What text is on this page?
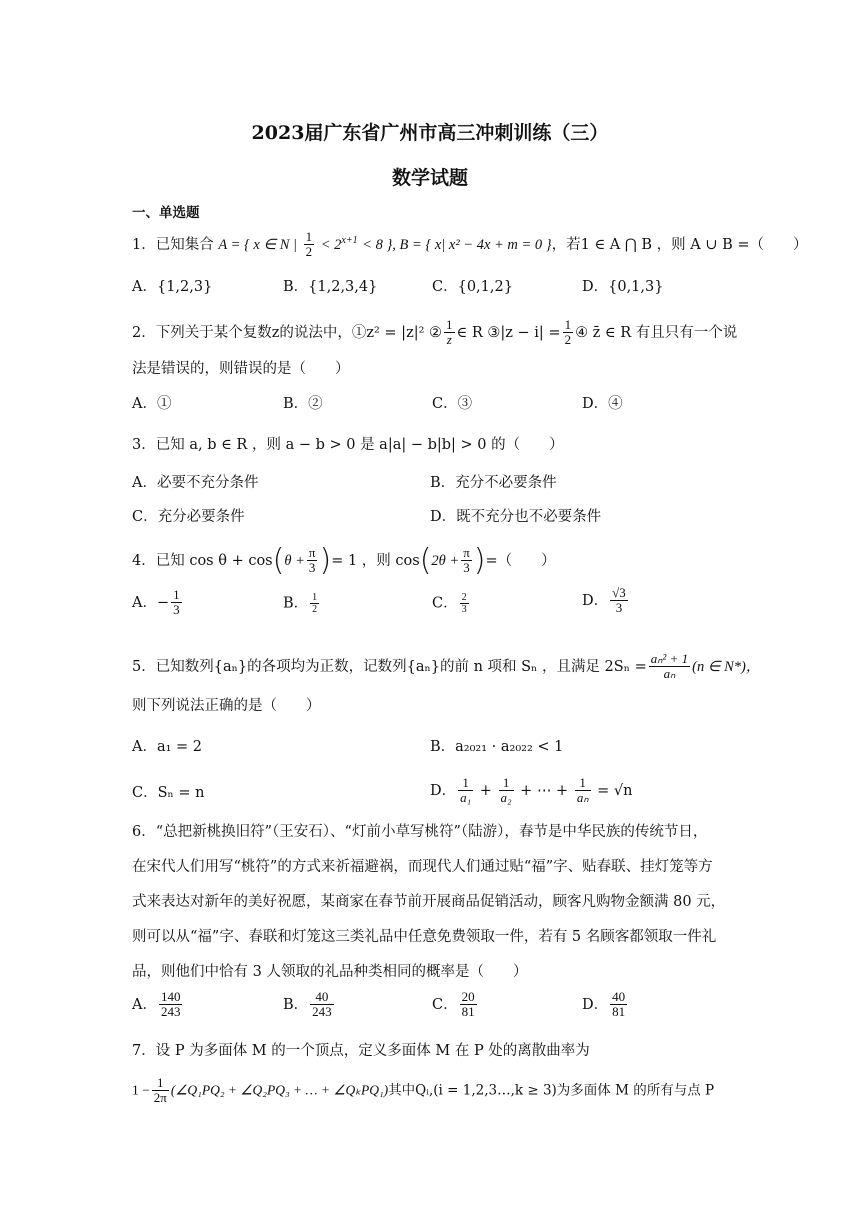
2023届广东省广州市高三冲刺训练（三）
数学试题
一、单选题
1．已知集合 A = { x ∈ N | $\frac{1}{2} < 2^{x+1} < 8$ }, B = { x| x² − 4x + m = 0 }，若1 ∈ A ⋂ B ，则 A ∪ B =（　　）
A．{1,2,3}	B．{1,2,3,4}	C．{0,1,2}	D．{0,1,3}
2．下列关于某个复数z的说法中，①z² = |z|² ② $\frac{1}{z}$ ∈ R ③|z − $i| = \frac{1}{2}$ ④ z̄ ∈ R 有且只有一个说
法是错误的，则错误的是（　　）
A．①	B．②	C．③	D．④
3．已知 a, b ∈ R ，则 a − b > 0 是 a|a| − b|b| > 0 的（　　）
A．必要不充分条件	B．充分不必要条件
C．充分必要条件	D．既不充分也不必要条件
4．已知 $\cos \theta + \cos(\theta + \frac{\pi}{3}$ )= 1 ，则 $\cos(2\theta + \frac{\pi}{3}$ )=（　　）
A．− $\frac{1}{3}$	B． $\frac{1}{2}$	C． $\frac{2}{3}$	D． $\frac{√3}{3}$
5．已知数列{aₙ}的各项均为正数，记数列{aₙ}的前 n 项和 Sₙ ，且满足 $2S_n = \frac{\text{aₙ² + 1}}{\text{aₙ}} (n$ ∈ N*)，
则下列说法正确的是（　　）
A．a₁ = 2	B．a₂₀₂₁ · a₂₀₂₂ < 1
C．Sₙ = n	D． $\frac{1}{\text{a₁}} + \frac{1}{\text{a₂}}$ + ⋯ + $\frac{1}{\text{aₙ}} = √n$
6．“总把新桃换旧符”（王安石）、“灯前小草写桃符”（陆游），春节是中华民族的传统节日，
在宋代人们用写“桃符”的方式来祈福避祸，而现代人们通过贴“福”字、贴春联、挂灯笼等方
式来表达对新年的美好祝愿，某商家在春节前开展商品促销活动，顾客凡购物金额满 80 元，
则可以从“福”字、春联和灯笼这三类礼品中任意免费领取一件，若有 5 名顾客都领取一件礼
品，则他们中恰有 3 人领取的礼品种类相同的概率是（　　）
A． $\frac{140}{243}$	B． $\frac{40}{243}$	C． $\frac{20}{81}$	D． $\frac{40}{81}$
7．设 P 为多面体 M 的一个顶点，定义多面体 M 在 P 处的离散曲率为
$1 - \frac{1}{2\pi}$ (∠Q₁PQ₂ + ∠Q₂PQ₃ + … + ∠QₖPQ₁)其中Qᵢ,(i = 1,2,3…,k ≥ 3)为多面体 M 的所有与点 P
